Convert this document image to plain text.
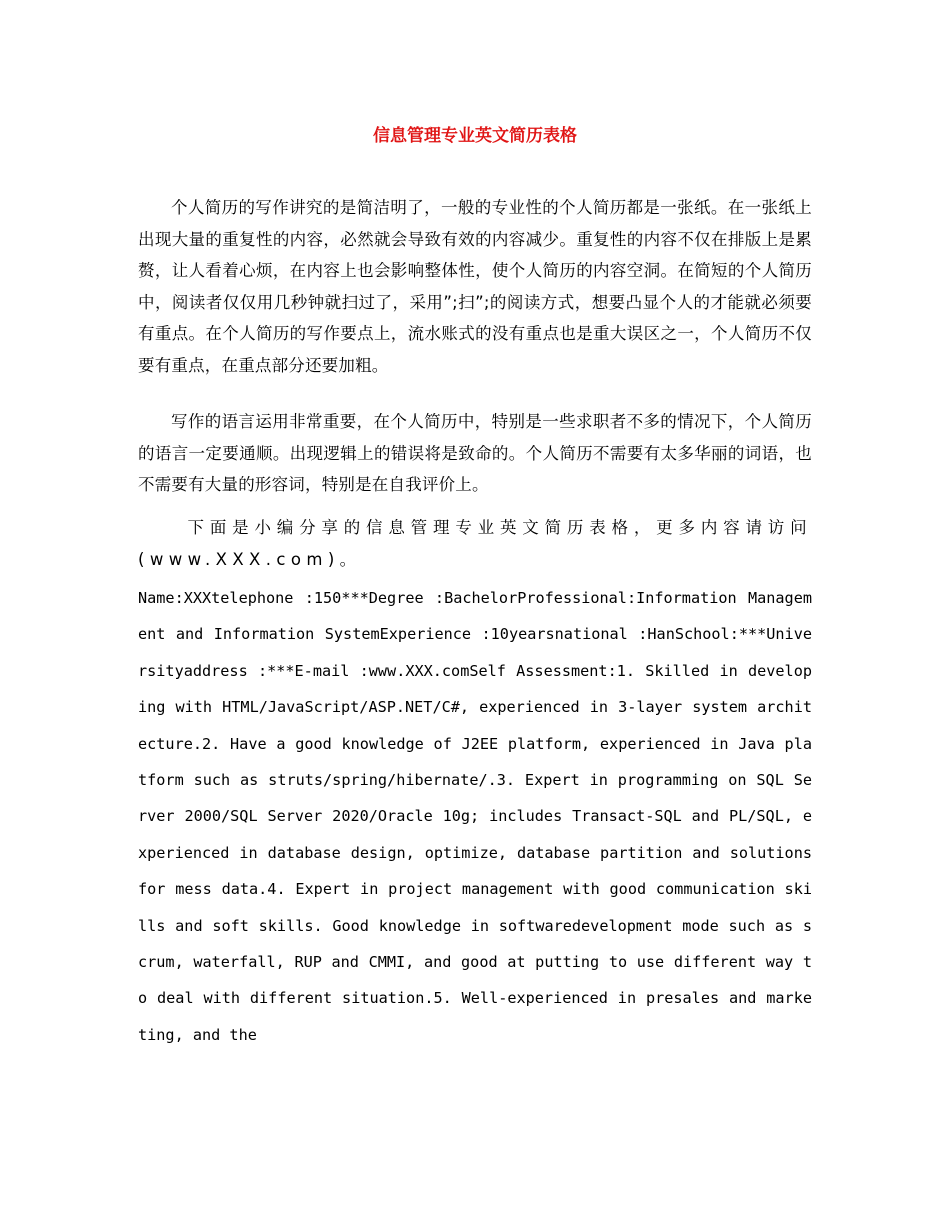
信息管理专业英文简历表格

个人简历的写作讲究的是简洁明了，一般的专业性的个人简历都是一张纸。在一张纸上出现大量的重复性的内容，必然就会导致有效的内容减少。重复性的内容不仅在排版上是累赘，让人看着心烦，在内容上也会影响整体性，使个人简历的内容空洞。在简短的个人简历中，阅读者仅仅用几秒钟就扫过了，采用”;扫”;的阅读方式，想要凸显个人的才能就必须要有重点。在个人简历的写作要点上，流水账式的没有重点也是重大误区之一，个人简历不仅要有重点，在重点部分还要加粗。

写作的语言运用非常重要，在个人简历中，特别是一些求职者不多的情况下，个人简历的语言一定要通顺。出现逻辑上的错误将是致命的。个人简历不需要有太多华丽的词语，也不需要有大量的形容词，特别是在自我评价上。

下面是小编分享的信息管理专业英文简历表格，更多内容请访问(www.XXX.com)。

Name:XXXtelephone :150***Degree :BachelorProfessional:Information Management and Information SystemExperience :10yearsnational :HanSchool:***Universityaddress :***E-mail :www.XXX.comSelf Assessment:1. Skilled in developing with HTML/JavaScript/ASP.NET/C#, experienced in 3-layer system architecture.2. Have a good knowledge of J2EE platform, experienced in Java platform such as struts/spring/hibernate/.3. Expert in programming on SQL Server 2000/SQL Server 2020/Oracle 10g; includes Transact-SQL and PL/SQL, experienced in database design, optimize, database partition and solutions for mess data.4. Expert in project management with good communication skills and soft skills. Good knowledge in softwaredevelopment mode such as scrum, waterfall, RUP and CMMI, and good at putting to use different way to deal with different situation.5. Well-experienced in presales and marketing, and the
